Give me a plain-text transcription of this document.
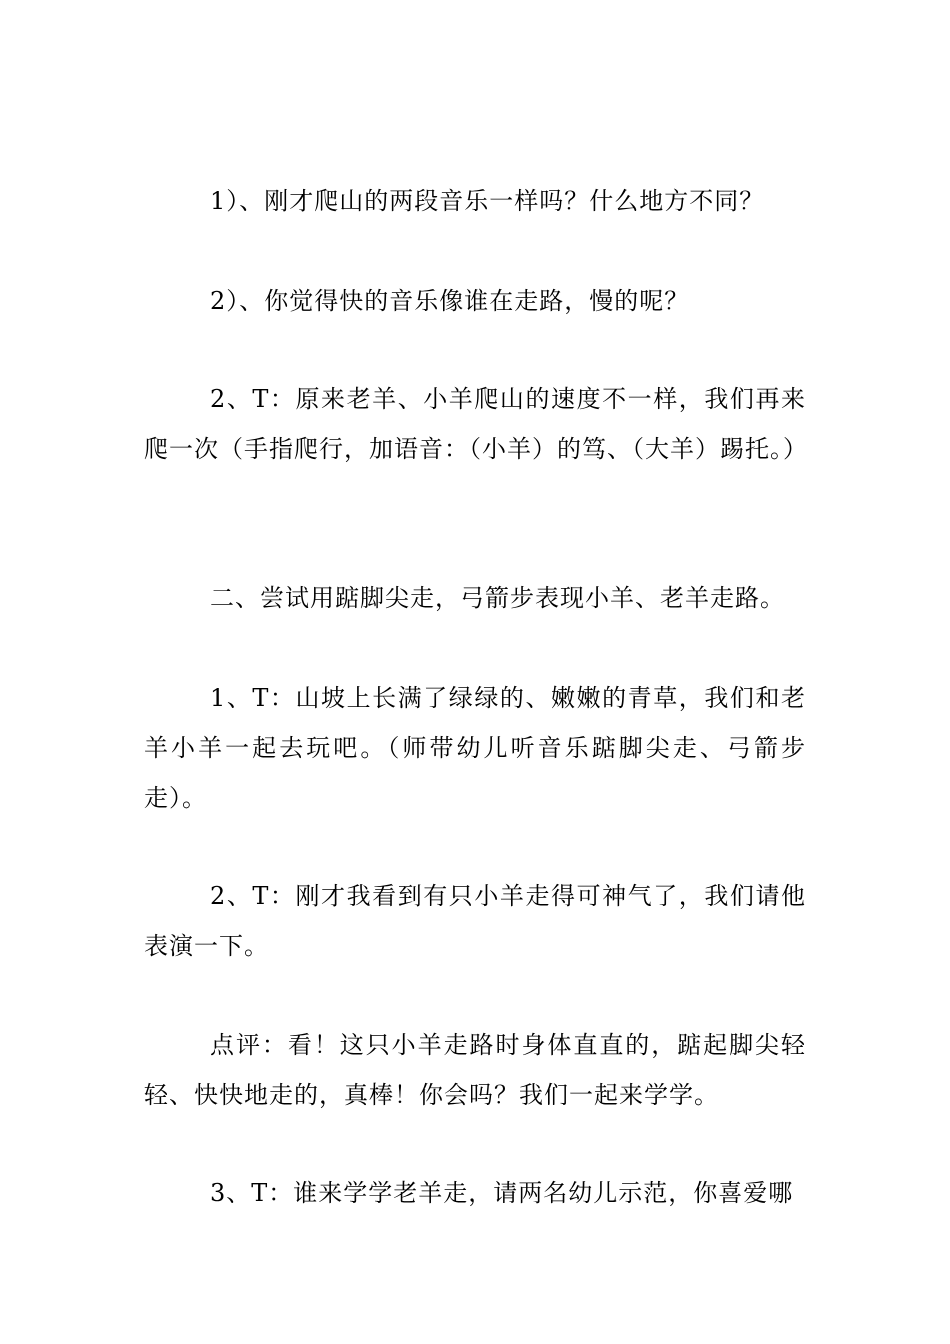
1）、刚才爬山的两段音乐一样吗？什么地方不同？

2）、你觉得快的音乐像谁在走路，慢的呢？

2、T：原来老羊、小羊爬山的速度不一样，我们再来爬一次（手指爬行，加语音：（小羊）的笃、（大羊）踢托。）

二、尝试用踮脚尖走，弓箭步表现小羊、老羊走路。

1、T：山坡上长满了绿绿的、嫩嫩的青草，我们和老羊小羊一起去玩吧。（师带幼儿听音乐踮脚尖走、弓箭步走）。

2、T：刚才我看到有只小羊走得可神气了，我们请他表演一下。

点评：看！这只小羊走路时身体直直的，踮起脚尖轻轻、快快地走的，真棒！你会吗？我们一起来学学。

3、T：谁来学学老羊走，请两名幼儿示范，你喜爱哪
